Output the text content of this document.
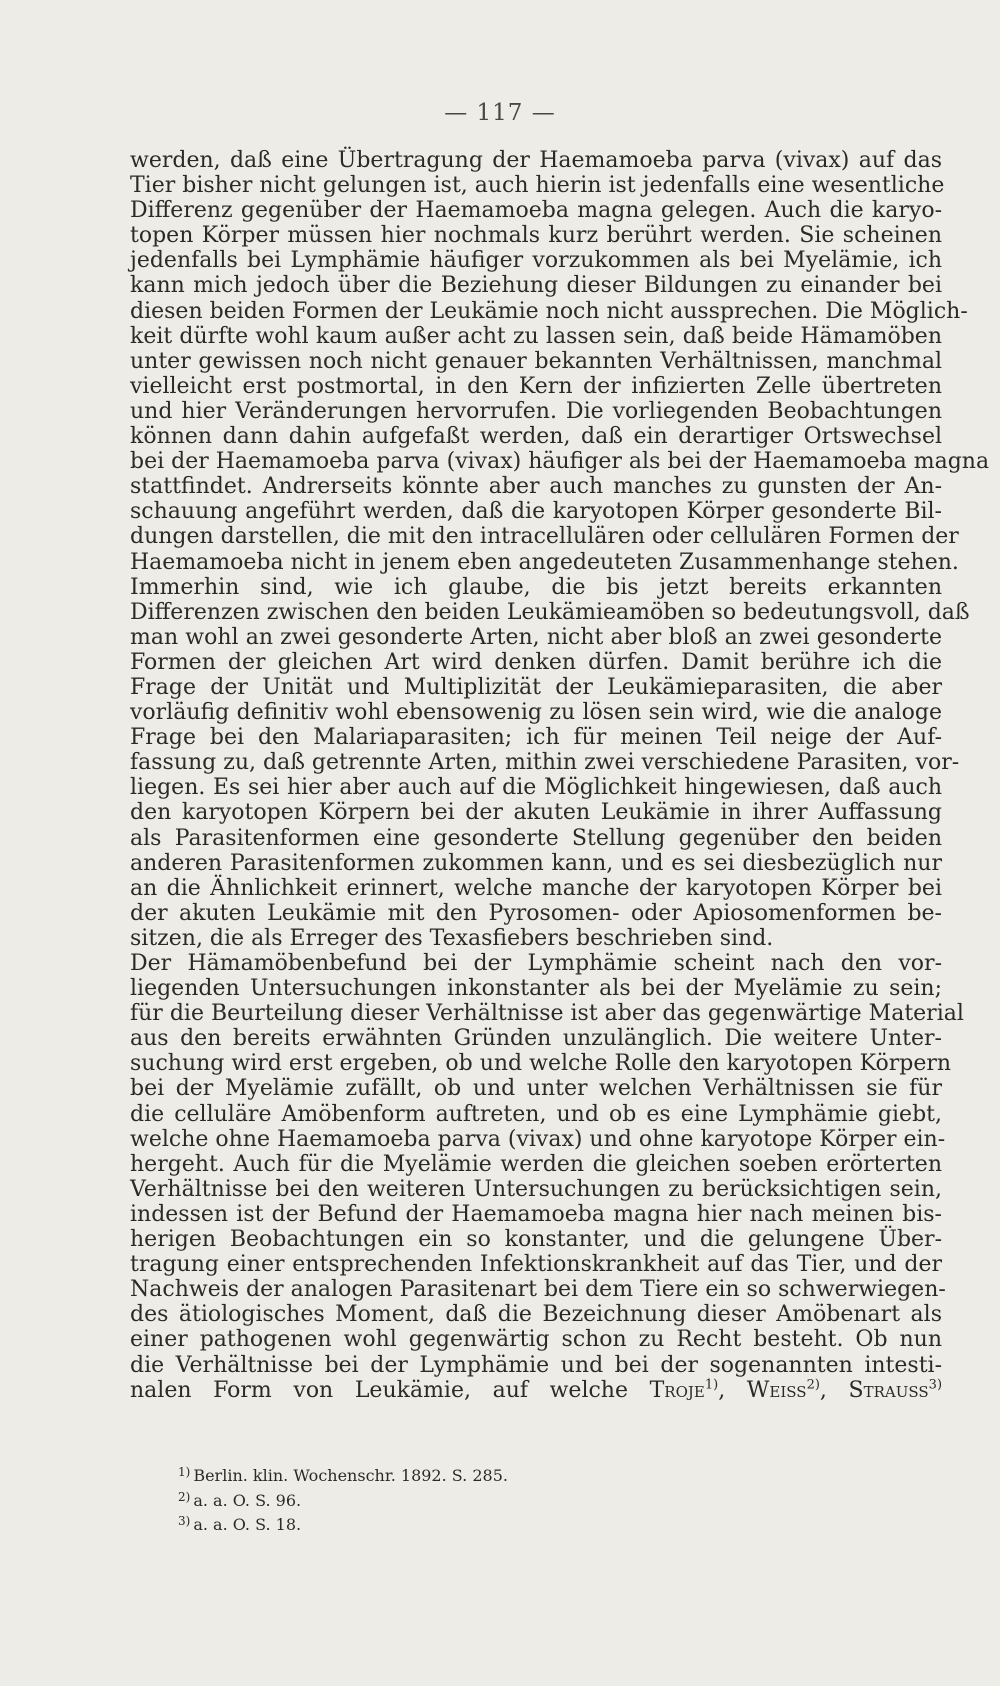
— 117 —
werden, daß eine Übertragung der Haemamoeba parva (vivax) auf das
Tier bisher nicht gelungen ist, auch hierin ist jedenfalls eine wesentliche
Differenz gegenüber der Haemamoeba magna gelegen. Auch die karyo-
topen Körper müssen hier nochmals kurz berührt werden. Sie scheinen
jedenfalls bei Lymphämie häufiger vorzukommen als bei Myelämie, ich
kann mich jedoch über die Beziehung dieser Bildungen zu einander bei
diesen beiden Formen der Leukämie noch nicht aussprechen. Die Möglich-
keit dürfte wohl kaum außer acht zu lassen sein, daß beide Hämamöben
unter gewissen noch nicht genauer bekannten Verhältnissen, manchmal
vielleicht erst postmortal, in den Kern der infizierten Zelle übertreten
und hier Veränderungen hervorrufen. Die vorliegenden Beobachtungen
können dann dahin aufgefaßt werden, daß ein derartiger Ortswechsel
bei der Haemamoeba parva (vivax) häufiger als bei der Haemamoeba magna
stattfindet. Andrerseits könnte aber auch manches zu gunsten der An-
schauung angeführt werden, daß die karyotopen Körper gesonderte Bil-
dungen darstellen, die mit den intracellulären oder cellulären Formen der
Haemamoeba nicht in jenem eben angedeuteten Zusammenhange stehen.
Immerhin sind, wie ich glaube, die bis jetzt bereits erkannten
Differenzen zwischen den beiden Leukämieamöben so bedeutungsvoll, daß
man wohl an zwei gesonderte Arten, nicht aber bloß an zwei gesonderte
Formen der gleichen Art wird denken dürfen. Damit berühre ich die
Frage der Unität und Multiplizität der Leukämieparasiten, die aber
vorläufig definitiv wohl ebensowenig zu lösen sein wird, wie die analoge
Frage bei den Malariaparasiten; ich für meinen Teil neige der Auf-
fassung zu, daß getrennte Arten, mithin zwei verschiedene Parasiten, vor-
liegen. Es sei hier aber auch auf die Möglichkeit hingewiesen, daß auch
den karyotopen Körpern bei der akuten Leukämie in ihrer Auffassung
als Parasitenformen eine gesonderte Stellung gegenüber den beiden
anderen Parasitenformen zukommen kann, und es sei diesbezüglich nur
an die Ähnlichkeit erinnert, welche manche der karyotopen Körper bei
der akuten Leukämie mit den Pyrosomen- oder Apiosomenformen be-
sitzen, die als Erreger des Texasfiebers beschrieben sind.
Der Hämamöbenbefund bei der Lymphämie scheint nach den vor-
liegenden Untersuchungen inkonstanter als bei der Myelämie zu sein;
für die Beurteilung dieser Verhältnisse ist aber das gegenwärtige Material
aus den bereits erwähnten Gründen unzulänglich. Die weitere Unter-
suchung wird erst ergeben, ob und welche Rolle den karyotopen Körpern
bei der Myelämie zufällt, ob und unter welchen Verhältnissen sie für
die celluläre Amöbenform auftreten, und ob es eine Lymphämie giebt,
welche ohne Haemamoeba parva (vivax) und ohne karyotope Körper ein-
hergeht. Auch für die Myelämie werden die gleichen soeben erörterten
Verhältnisse bei den weiteren Untersuchungen zu berücksichtigen sein,
indessen ist der Befund der Haemamoeba magna hier nach meinen bis-
herigen Beobachtungen ein so konstanter, und die gelungene Über-
tragung einer entsprechenden Infektionskrankheit auf das Tier, und der
Nachweis der analogen Parasitenart bei dem Tiere ein so schwerwiegen-
des ätiologisches Moment, daß die Bezeichnung dieser Amöbenart als
einer pathogenen wohl gegenwärtig schon zu Recht besteht. Ob nun
die Verhältnisse bei der Lymphämie und bei der sogenannten intesti-
nalen Form von Leukämie, auf welche Troje$^{1)}$, Weiss$^{2)}$, Strauss$^{3)}$
$^{1)}$ Berlin. klin. Wochenschr. 1892. S. 285.
$^{2)}$ a. a. O. S. 96.
$^{3)}$ a. a. O. S. 18.
